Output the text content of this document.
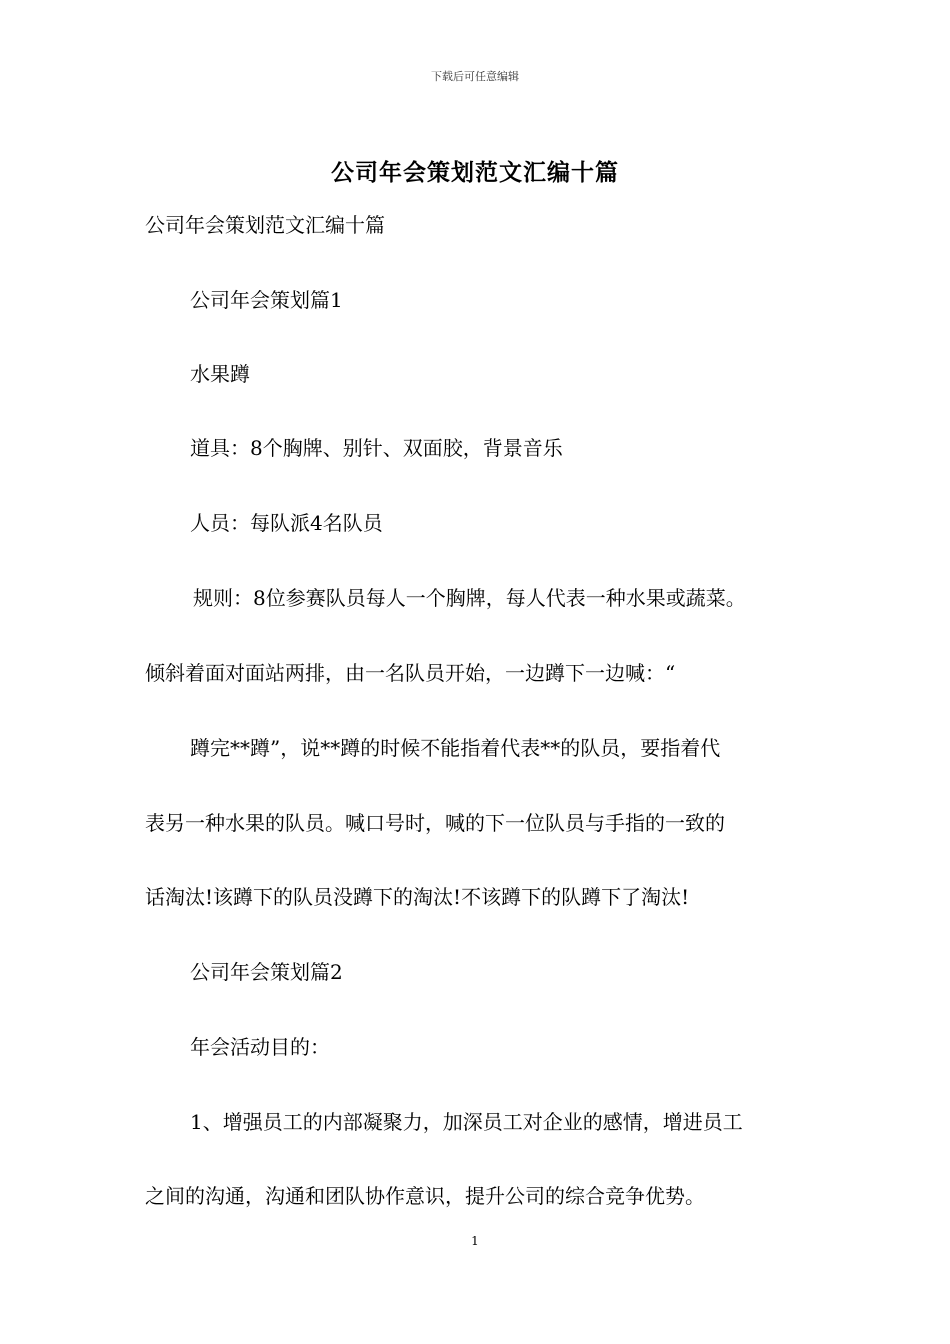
下载后可任意编辑
公司年会策划范文汇编十篇
公司年会策划范文汇编十篇
公司年会策划篇1
水果蹲
道具：8个胸牌、别针、双面胶，背景音乐
人员：每队派4名队员
规则：8位参赛队员每人一个胸牌，每人代表一种水果或蔬菜。
倾斜着面对面站两排，由一名队员开始，一边蹲下一边喊：“
蹲完**蹲”，说**蹲的时候不能指着代表**的队员，要指着代
表另一种水果的队员。喊口号时，喊的下一位队员与手指的一致的
话淘汰!该蹲下的队员没蹲下的淘汰!不该蹲下的队蹲下了淘汰!
公司年会策划篇2
年会活动目的：
1、增强员工的内部凝聚力，加深员工对企业的感情，增进员工
之间的沟通，沟通和团队协作意识，提升公司的综合竞争优势。
1
